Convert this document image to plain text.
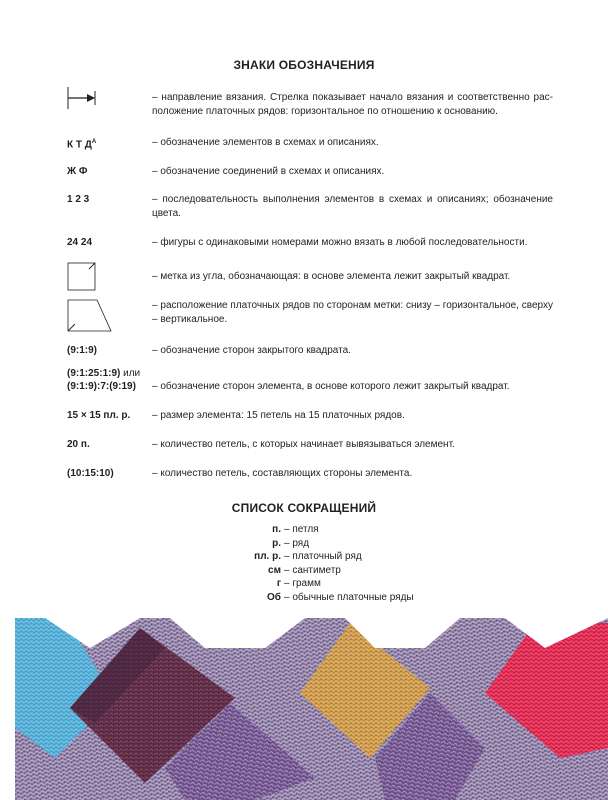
ЗНАКИ ОБОЗНАЧЕНИЯ
– направление вязания. Стрелка показывает начало вязания и соответственно расположение платочных рядов: горизонтальное по отношению к основанию.
К Т $Д^А$	– обозначение элементов в схемах и описаниях.
Ж Ф	– обозначение соединений в схемах и описаниях.
1 2 3	– последовательность выполнения элементов в схемах и описаниях; обозначение цвета.
24 24	– фигуры с одинаковыми номерами можно вязать в любой последовательности.
– метка из угла, обозначающая: в основе элемента лежит закрытый квадрат.
– расположение платочных рядов по сторонам метки: снизу – горизонтальное, сверху – вертикальное.
(9:1:9)	– обозначение сторон закрытого квадрата.
(9:1:25:1:9) или
(9:1:9):7:(9:19)	– обозначение сторон элемента, в основе которого лежит закрытый квадрат.
15 × 15 пл. р. – размер элемента: 15 петель на 15 платочных рядов.
20 п.	– количество петель, с которых начинает вывязываться элемент.
(10:15:10)	– количество петель, составляющих стороны элемента.
СПИСОК СОКРАЩЕНИЙ
п. – петля
р. – ряд
пл. р. – платочный ряд
см – сантиметр
г – грамм
Об – обычные платочные ряды
